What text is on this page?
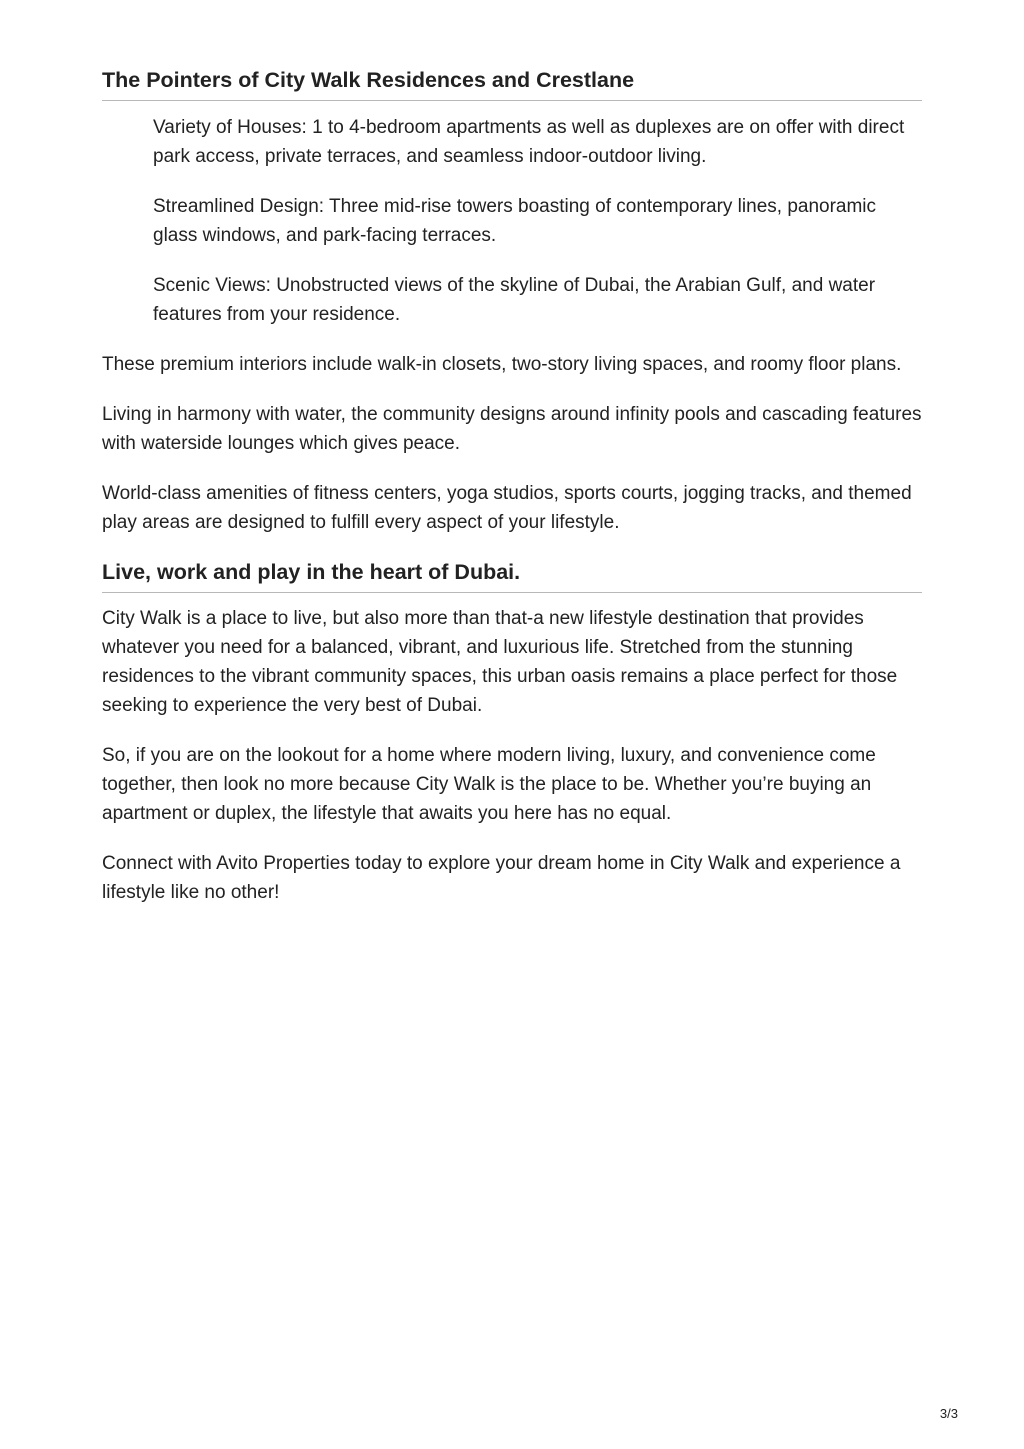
The Pointers of City Walk Residences and Crestlane
Variety of Houses: 1 to 4-bedroom apartments as well as duplexes are on offer with direct park access, private terraces, and seamless indoor-outdoor living.
Streamlined Design: Three mid-rise towers boasting of contemporary lines, panoramic glass windows, and park-facing terraces.
Scenic Views: Unobstructed views of the skyline of Dubai, the Arabian Gulf, and water features from your residence.

These premium interiors include walk-in closets, two-story living spaces, and roomy floor plans.

Living in harmony with water, the community designs around infinity pools and cascading features with waterside lounges which gives peace.

World-class amenities of fitness centers, yoga studios, sports courts, jogging tracks, and themed play areas are designed to fulfill every aspect of your lifestyle.

Live, work and play in the heart of Dubai.

City Walk is a place to live, but also more than that-a new lifestyle destination that provides whatever you need for a balanced, vibrant, and luxurious life. Stretched from the stunning residences to the vibrant community spaces, this urban oasis remains a place perfect for those seeking to experience the very best of Dubai.

So, if you are on the lookout for a home where modern living, luxury, and convenience come together, then look no more because City Walk is the place to be. Whether you’re buying an apartment or duplex, the lifestyle that awaits you here has no equal.

Connect with Avito Properties today to explore your dream home in City Walk and experience a lifestyle like no other!

3/3
